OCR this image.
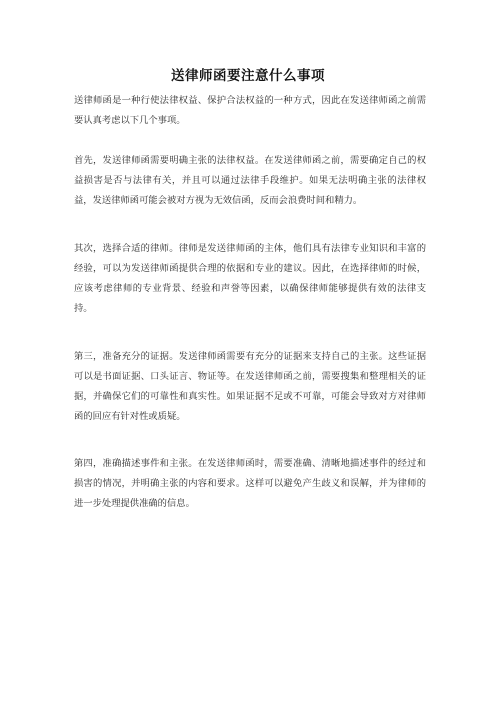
送律师函要注意什么事项

送律师函是一种行使法律权益、保护合法权益的一种方式，因此在发送律师函之前需要认真考虑以下几个事项。

首先，发送律师函需要明确主张的法律权益。在发送律师函之前，需要确定自己的权益损害是否与法律有关，并且可以通过法律手段维护。如果无法明确主张的法律权益，发送律师函可能会被对方视为无效信函，反而会浪费时间和精力。

其次，选择合适的律师。律师是发送律师函的主体，他们具有法律专业知识和丰富的经验，可以为发送律师函提供合理的依据和专业的建议。因此，在选择律师的时候，应该考虑律师的专业背景、经验和声誉等因素，以确保律师能够提供有效的法律支持。

第三，准备充分的证据。发送律师函需要有充分的证据来支持自己的主张。这些证据可以是书面证据、口头证言、物证等。在发送律师函之前，需要搜集和整理相关的证据，并确保它们的可靠性和真实性。如果证据不足或不可靠，可能会导致对方对律师函的回应有针对性或质疑。

第四，准确描述事件和主张。在发送律师函时，需要准确、清晰地描述事件的经过和损害的情况，并明确主张的内容和要求。这样可以避免产生歧义和误解，并为律师的进一步处理提供准确的信息。
